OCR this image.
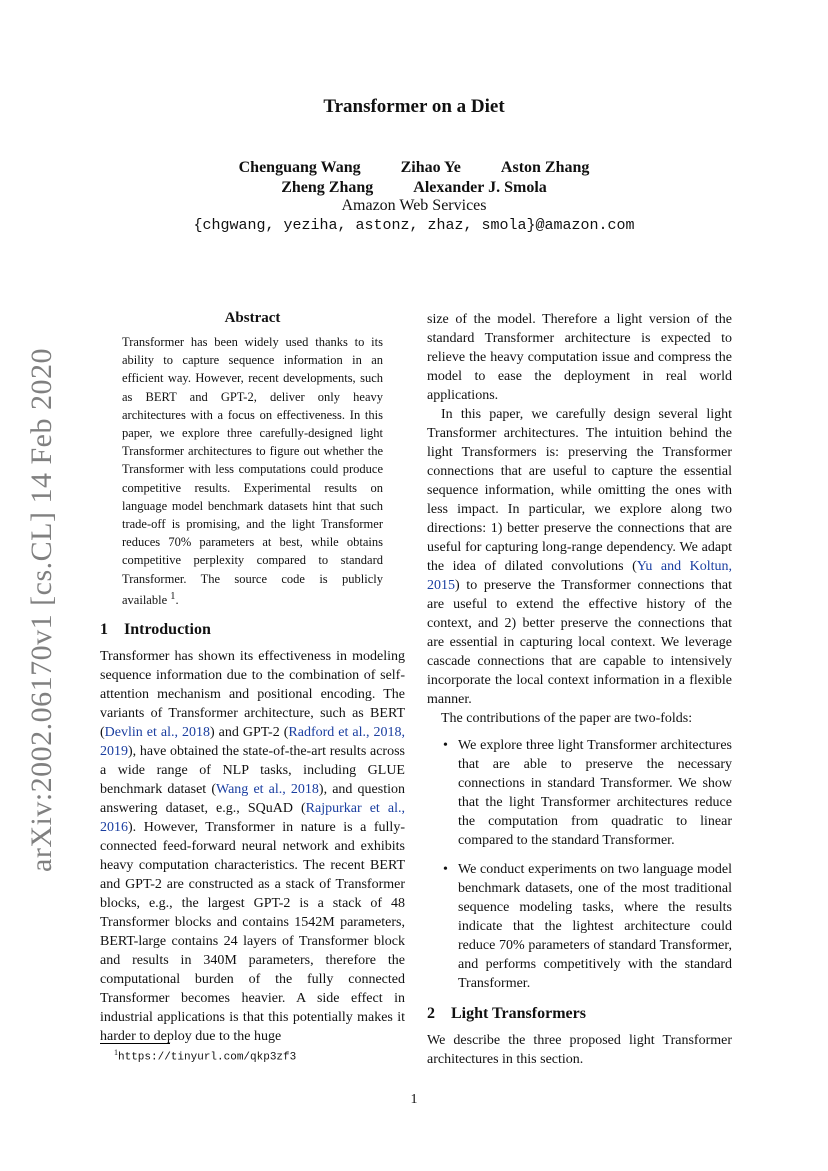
Transformer on a Diet
Chenguang Wang	Zihao Ye	Aston Zhang
Zheng Zhang	Alexander J. Smola
Amazon Web Services
{chgwang, yeziha, astonz, zhaz, smola}@amazon.com
arXiv:2002.06170v1 [cs.CL] 14 Feb 2020
Abstract

Transformer has been widely used thanks to its ability to capture sequence information in an efficient way. However, recent developments, such as BERT and GPT-2, deliver only heavy architectures with a focus on effectiveness. In this paper, we explore three carefully-designed light Transformer architectures to figure out whether the Transformer with less computations could produce competitive results. Experimental results on language model benchmark datasets hint that such trade-off is promising, and the light Transformer reduces 70% parameters at best, while obtains competitive perplexity compared to standard Transformer. The source code is publicly available $^1$.

1 Introduction

Transformer has shown its effectiveness in modeling sequence information due to the combination of self-attention mechanism and positional encoding. The variants of Transformer architecture, such as BERT (Devlin et al., 2018) and GPT-2 (Radford et al., 2018, 2019), have obtained the state-of-the-art results across a wide range of NLP tasks, including GLUE benchmark dataset (Wang et al., 2018), and question answering dataset, e.g., SQuAD (Rajpurkar et al., 2016). However, Transformer in nature is a fully-connected feed-forward neural network and exhibits heavy computation characteristics. The recent BERT and GPT-2 are constructed as a stack of Transformer blocks, e.g., the largest GPT-2 is a stack of 48 Transformer blocks and contains 1542M parameters, BERT-large contains 24 layers of Transformer block and results in 340M parameters, therefore the computational burden of the fully connected Transformer becomes heavier. A side effect in industrial applications is that this potentially makes it harder to deploy due to the huge

size of the model. Therefore a light version of the standard Transformer architecture is expected to relieve the heavy computation issue and compress the model to ease the deployment in real world applications.

In this paper, we carefully design several light Transformer architectures. The intuition behind the light Transformers is: preserving the Transformer connections that are useful to capture the essential sequence information, while omitting the ones with less impact. In particular, we explore along two directions: 1) better preserve the connections that are useful for capturing long-range dependency. We adapt the idea of dilated convolutions (Yu and Koltun, 2015) to preserve the Transformer connections that are useful to extend the effective history of the context, and 2) better preserve the connections that are essential in capturing local context. We leverage cascade connections that are capable to intensively incorporate the local context information in a flexible manner.

The contributions of the paper are two-folds:

• We explore three light Transformer architectures that are able to preserve the necessary connections in standard Transformer. We show that the light Transformer architectures reduce the computation from quadratic to linear compared to the standard Transformer.
• We conduct experiments on two language model benchmark datasets, one of the most traditional sequence modeling tasks, where the results indicate that the lightest architecture could reduce 70% parameters of standard Transformer, and performs competitively with the standard Transformer.
2 Light Transformers

We describe the three proposed light Transformer architectures in this section.

$^1$https://tinyurl.com/qkp3zf3
1
